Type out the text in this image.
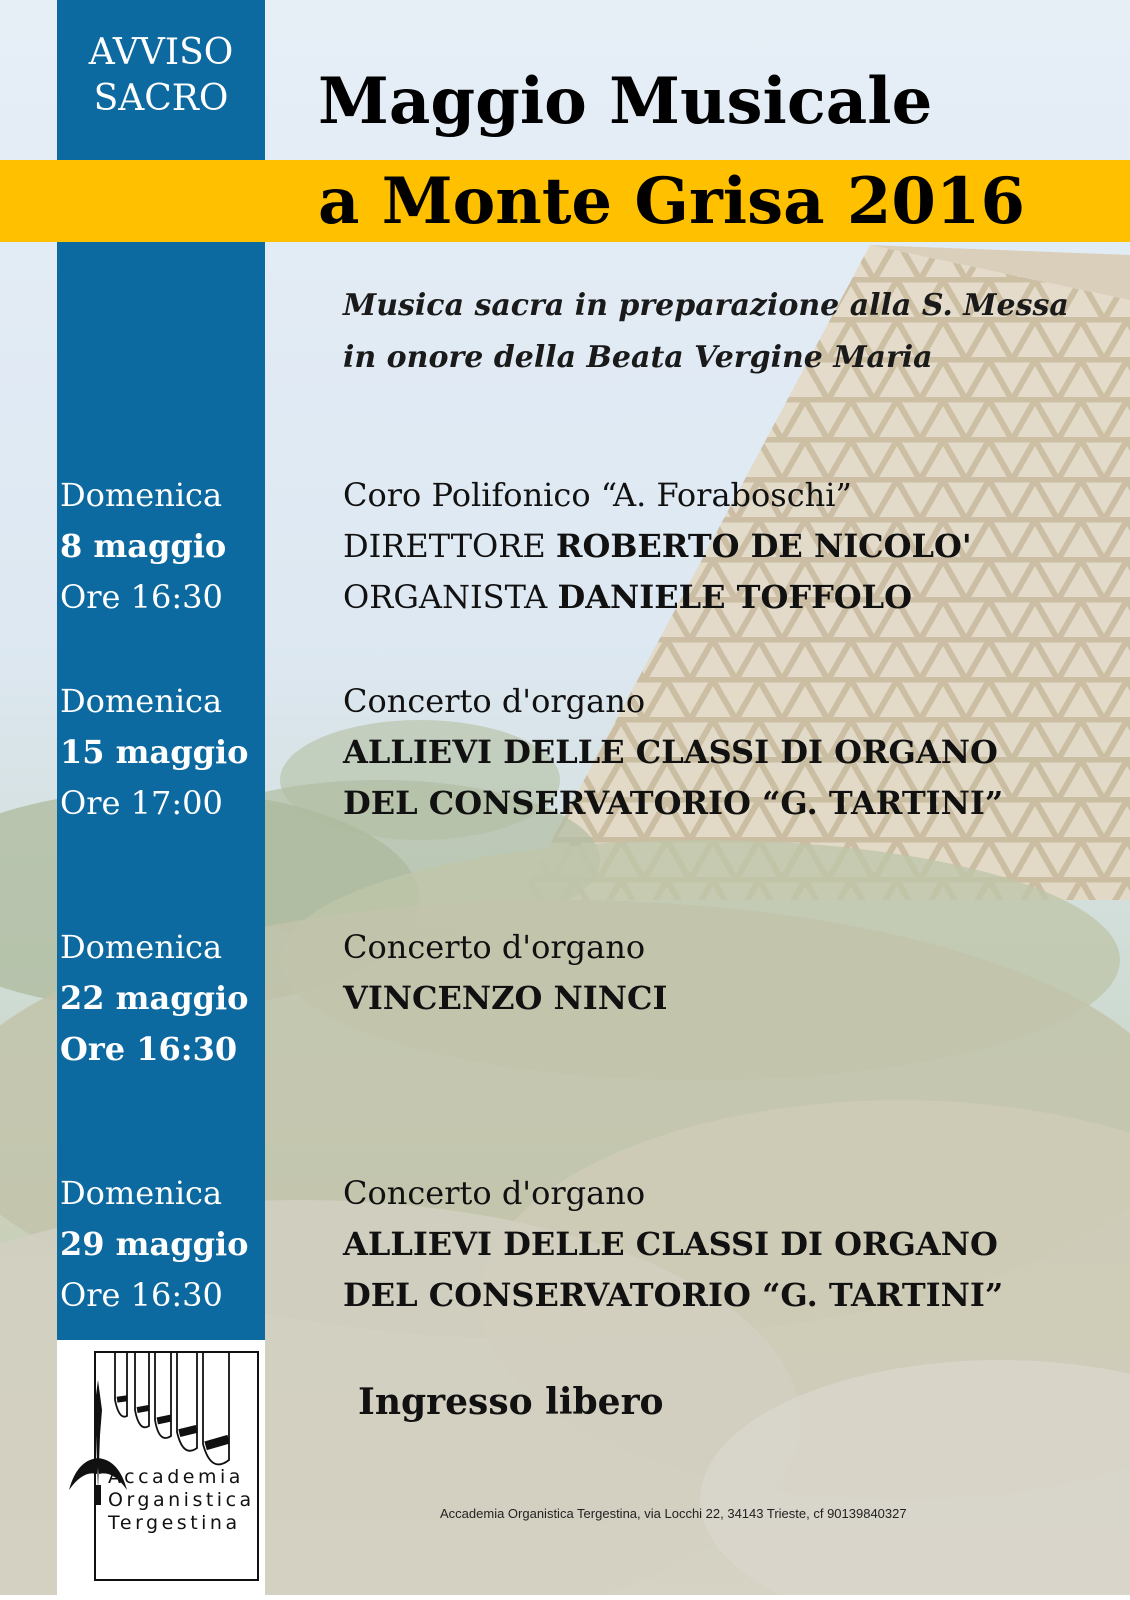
AVVISO
SACRO	Maggio Musicale
a Monte Grisa 2016
Musica sacra in preparazione alla S. Messa
in onore della Beata Vergine Maria
Domenica
8 maggio
Ore 16:30
Coro Polifonico “A. Foraboschi”
DIRETTORE ROBERTO DE NICOLO'
ORGANISTA DANIELE TOFFOLO
Domenica
15 maggio
Ore 17:00
Concerto d'organo
ALLIEVI DELLE CLASSI DI ORGANO
DEL CONSERVATORIO “G. TARTINI”
Domenica
22 maggio
Ore 16:30
Concerto d'organo
VINCENZO NINCI
Domenica
29 maggio
Ore 16:30
Concerto d'organo
ALLIEVI DELLE CLASSI DI ORGANO
DEL CONSERVATORIO “G. TARTINI”
Ingresso libero
Accademia
Organistica
Tergestina	Accademia Organistica Tergestina, via Locchi 22, 34143 Trieste, cf 90139840327
